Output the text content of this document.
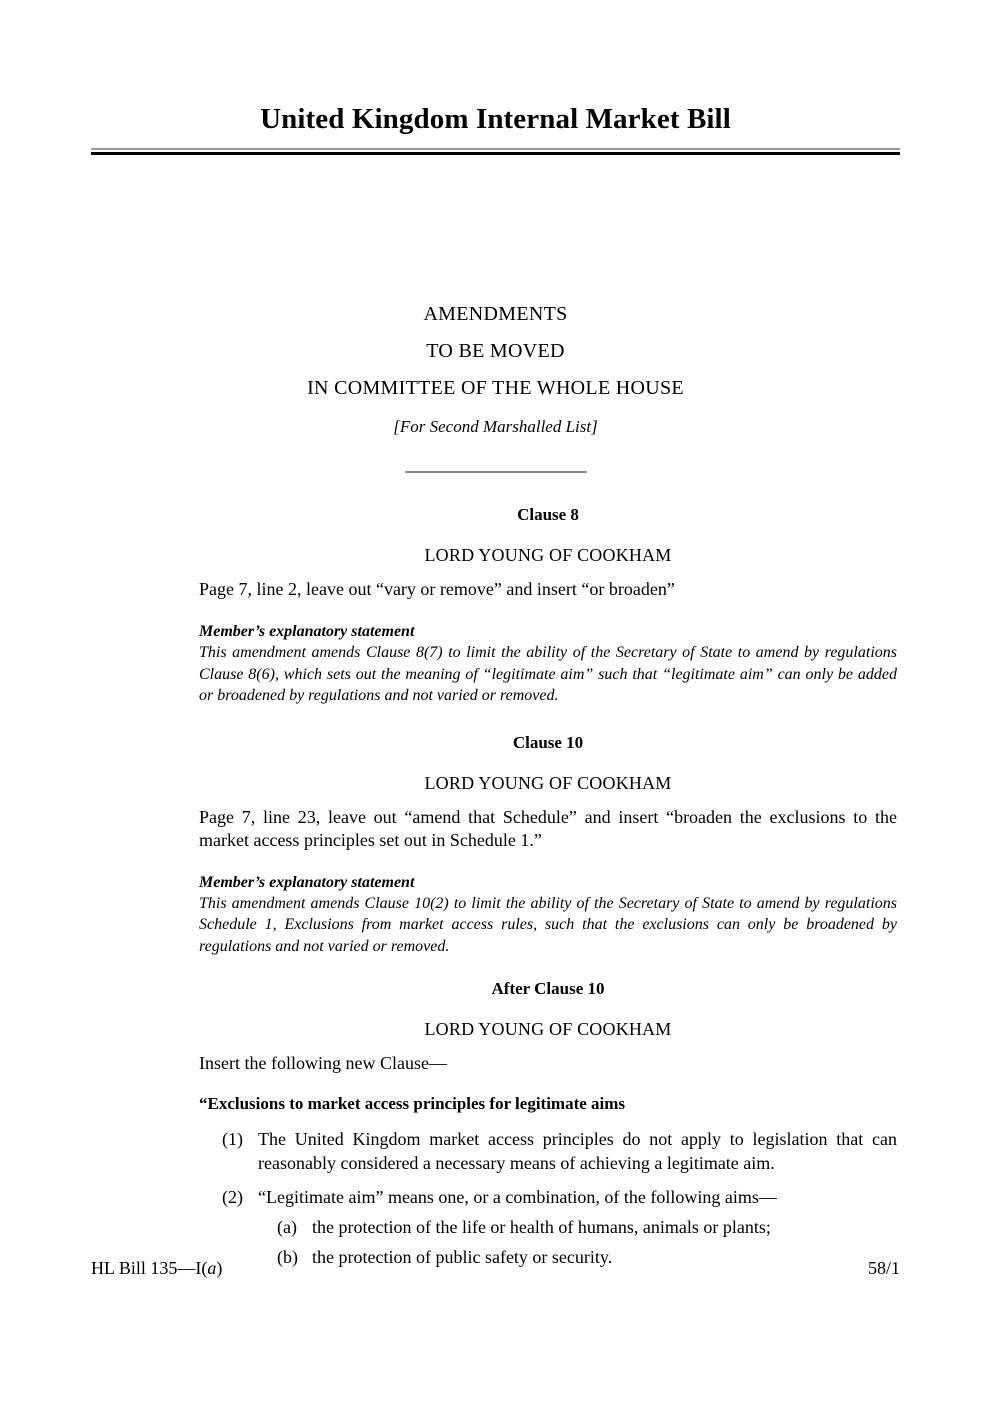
United Kingdom Internal Market Bill
AMENDMENTS
TO BE MOVED
IN COMMITTEE OF THE WHOLE HOUSE
[For Second Marshalled List]
Clause 8
LORD YOUNG OF COOKHAM
Page 7, line 2, leave out “vary or remove” and insert “or broaden”
Member’s explanatory statement
This amendment amends Clause 8(7) to limit the ability of the Secretary of State to amend by regulations Clause 8(6), which sets out the meaning of “legitimate aim” such that “legitimate aim” can only be added or broadened by regulations and not varied or removed.
Clause 10
LORD YOUNG OF COOKHAM
Page 7, line 23, leave out “amend that Schedule” and insert “broaden the exclusions to the market access principles set out in Schedule 1.”
Member’s explanatory statement
This amendment amends Clause 10(2) to limit the ability of the Secretary of State to amend by regulations Schedule 1, Exclusions from market access rules, such that the exclusions can only be broadened by regulations and not varied or removed.
After Clause 10
LORD YOUNG OF COOKHAM
Insert the following new Clause—
“Exclusions to market access principles for legitimate aims
(1) The United Kingdom market access principles do not apply to legislation that can reasonably considered a necessary means of achieving a legitimate aim.
(2) “Legitimate aim” means one, or a combination, of the following aims—
(a) the protection of the life or health of humans, animals or plants;
(b) the protection of public safety or security.
HL Bill 135—I(a)	58/1
